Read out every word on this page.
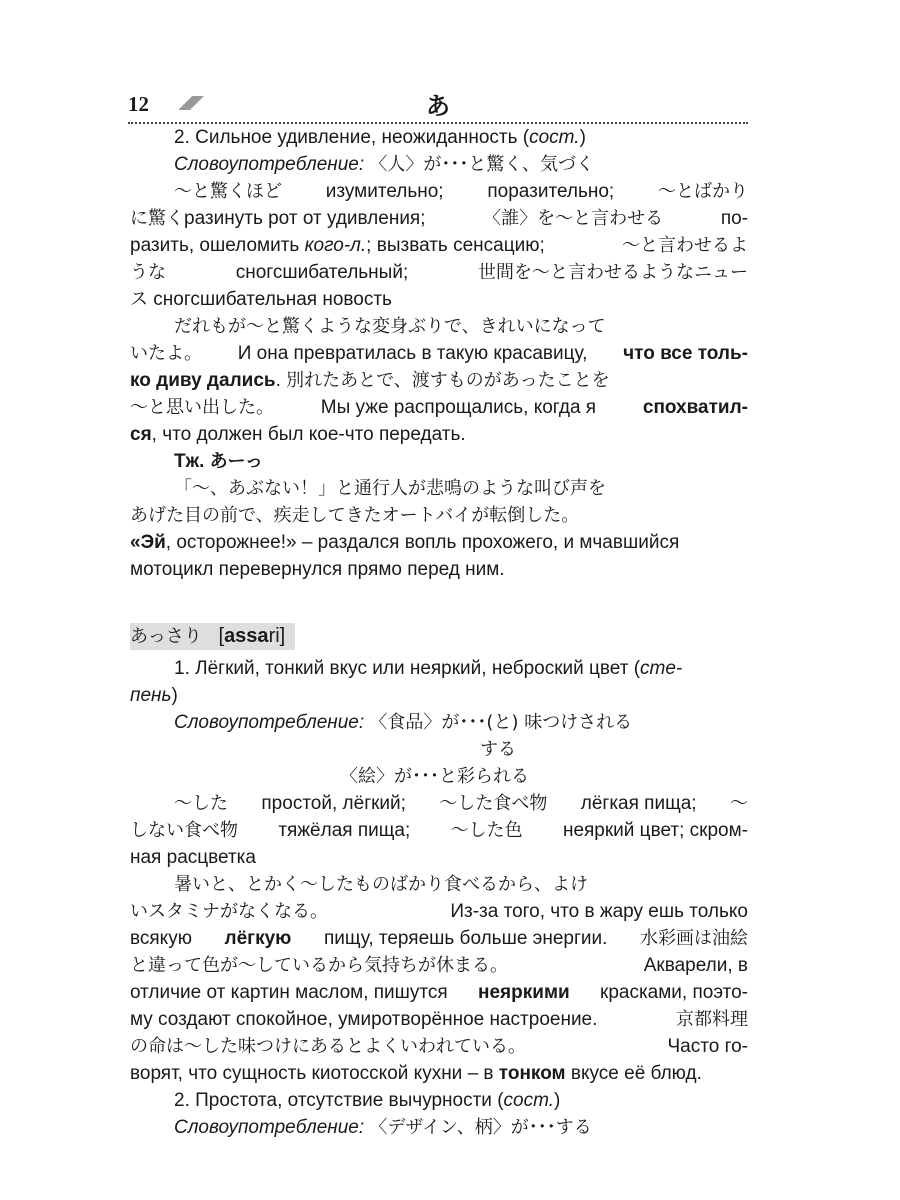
12	あ
2. Сильное удивление, неожиданность (сост.)
Словоупотребление: 〈人〉が･･･と驚く、気づく
〜と驚くほど изумительно; поразительно; 〜とばかり
に驚くразинуть рот от удивления;	〈誰〉を〜と言わせる	по-
разить, ошеломить кого-л.; вызвать сенсацию;	〜と言わせるよ
うな	сногсшибательный;	世間を〜と言わせるようなニュー
ス сногсшибательная новость
だれもが〜と驚くような変身ぶりで、きれいになって
いたよ。 И она превратилась в такую красавицу, что все толь-
ко диву дались. 別れたあとで、渡すものがあったことを
〜と思い出した。 Мы уже распрощались, когда я спохватил-
ся, что должен был кое-что передать.
Тж. あーっ
「〜、あぶない！」と通行人が悲鳴のような叫び声を
あげた目の前で、疾走してきたオートバイが転倒した。
«Эй, осторожнее!» – раздался вопль прохожего, и мчавшийся
мотоцикл перевернулся прямо перед ним.
あっさり [assari]
1. Лёгкий, тонкий вкус или неяркий, неброский цвет (сте-
пень)
Словоупотребление: 〈食品〉が･･･(と) 味つけされる
する
〈絵〉が･･･と彩られる
〜した простой, лёгкий; 〜した食べ物 лёгкая пища; 〜
しない食べ物 тяжёлая пища; 〜した色 неяркий цвет; скром-
ная расцветка
暑いと、とかく〜したものばかり食べるから、よけ
いスタミナがなくなる。	Из-за того, что в жару ешь только
всякую лёгкую пищу, теряешь больше энергии. 水彩画は油絵
と違って色が〜しているから気持ちが休まる。	Акварели, в
отличие от картин маслом, пишутся неяркими красками, поэто-
му создают спокойное, умиротворённое настроение.	京都料理
の命は〜した味つけにあるとよくいわれている。	Часто го-
ворят, что сущность киотосской кухни – в тонком вкусе её блюд.
2. Простота, отсутствие вычурности (сост.)
Словоупотребление: 〈デザイン、柄〉が･･･する
